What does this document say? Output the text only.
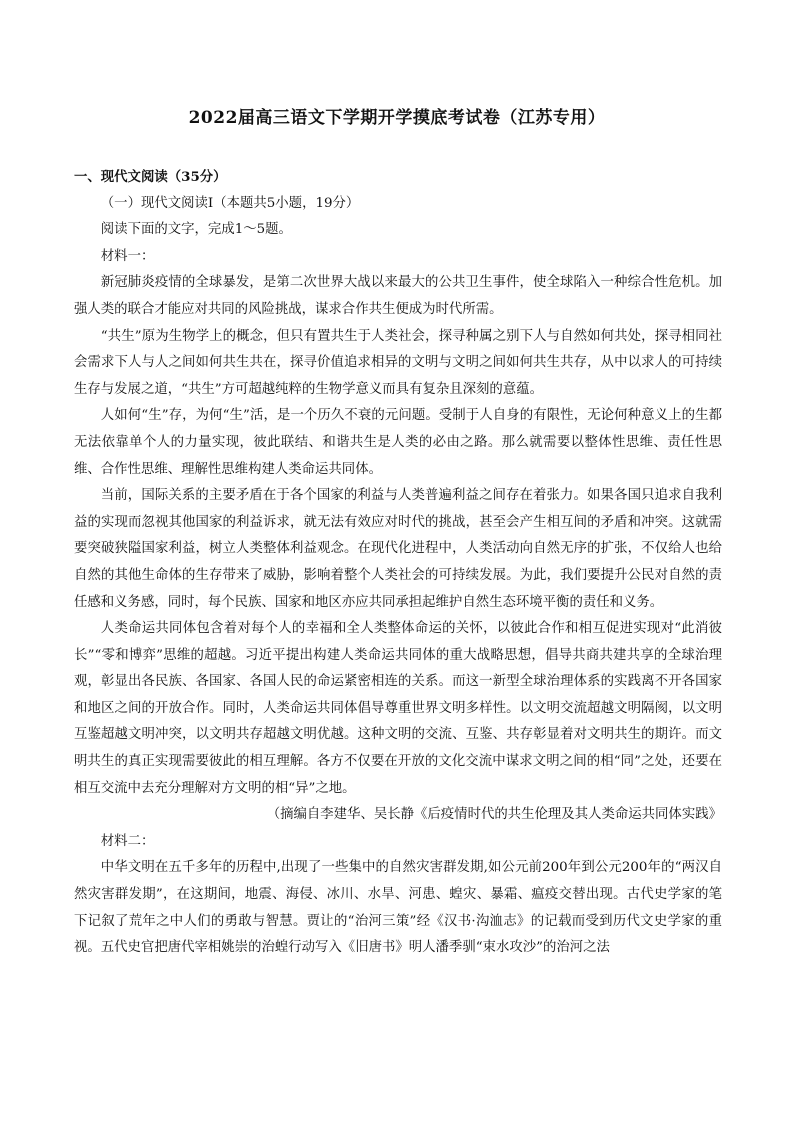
2022届高三语文下学期开学摸底考试卷（江苏专用）

一、现代文阅读（35分）

（一）现代文阅读Ⅰ（本题共5小题，19分）

阅读下面的文字，完成1～5题。

材料一：

新冠肺炎疫情的全球暴发，是第二次世界大战以来最大的公共卫生事件，使全球陷入一种综合性危机。加强人类的联合才能应对共同的风险挑战，谋求合作共生便成为时代所需。

“共生”原为生物学上的概念，但只有置共生于人类社会，探寻种属之别下人与自然如何共处，探寻相同社会需求下人与人之间如何共生共在，探寻价值追求相异的文明与文明之间如何共生共存，从中以求人的可持续生存与发展之道，“共生”方可超越纯粹的生物学意义而具有复杂且深刻的意蕴。

人如何“生”存，为何“生”活，是一个历久不衰的元问题。受制于人自身的有限性，无论何种意义上的生都无法依靠单个人的力量实现，彼此联结、和谐共生是人类的必由之路。那么就需要以整体性思维、责任性思维、合作性思维、理解性思维构建人类命运共同体。

当前，国际关系的主要矛盾在于各个国家的利益与人类普遍利益之间存在着张力。如果各国只追求自我利益的实现而忽视其他国家的利益诉求，就无法有效应对时代的挑战，甚至会产生相互间的矛盾和冲突。这就需要突破狭隘国家利益，树立人类整体利益观念。在现代化进程中，人类活动向自然无序的扩张，不仅给人也给自然的其他生命体的生存带来了威胁，影响着整个人类社会的可持续发展。为此，我们要提升公民对自然的责任感和义务感，同时，每个民族、国家和地区亦应共同承担起维护自然生态环境平衡的责任和义务。

人类命运共同体包含着对每个人的幸福和全人类整体命运的关怀，以彼此合作和相互促进实现对“此消彼长”“零和博弈”思维的超越。习近平提出构建人类命运共同体的重大战略思想，倡导共商共建共享的全球治理观，彰显出各民族、各国家、各国人民的命运紧密相连的关系。而这一新型全球治理体系的实践离不开各国家和地区之间的开放合作。同时，人类命运共同体倡导尊重世界文明多样性。以文明交流超越文明隔阂，以文明互鉴超越文明冲突，以文明共存超越文明优越。这种文明的交流、互鉴、共存彰显着对文明共生的期许。而文明共生的真正实现需要彼此的相互理解。各方不仅要在开放的文化交流中谋求文明之间的相“同”之处，还要在相互交流中去充分理解对方文明的相“异”之地。

（摘编自李建华、吴长静《后疫情时代的共生伦理及其人类命运共同体实践》

材料二：

中华文明在五千多年的历程中,出现了一些集中的自然灾害群发期,如公元前200年到公元200年的“两汉自然灾害群发期”，在这期间，地震、海侵、冰川、水旱、河患、蝗灾、暴霜、瘟疫交替出现。古代史学家的笔下记叙了荒年之中人们的勇敢与智慧。贾让的“治河三策”经《汉书·沟洫志》的记载而受到历代文史学家的重视。五代史官把唐代宰相姚崇的治蝗行动写入《旧唐书》明人潘季驯“束水攻沙”的治河之法
